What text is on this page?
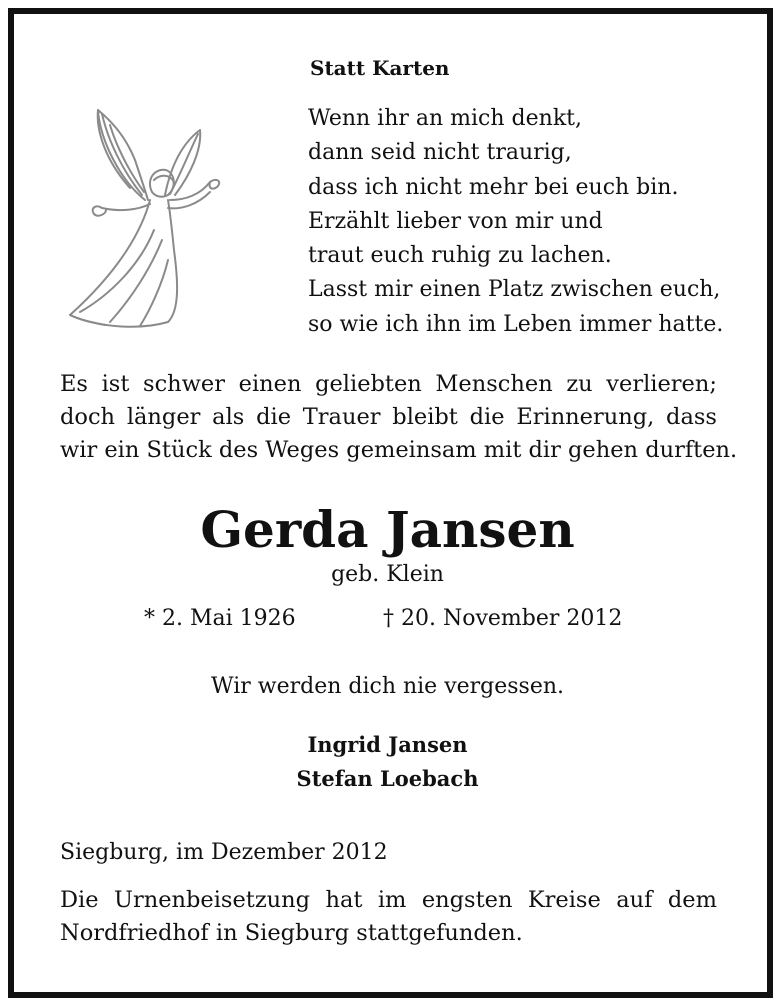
Statt Karten
Wenn ihr an mich denkt,
dann seid nicht traurig,
dass ich nicht mehr bei euch bin.
Erzählt lieber von mir und
traut euch ruhig zu lachen.
Lasst mir einen Platz zwischen euch,
so wie ich ihn im Leben immer hatte.
Es ist schwer einen geliebten Menschen zu verlieren;
doch länger als die Trauer bleibt die Erinnerung, dass
wir ein Stück des Weges gemeinsam mit dir gehen durften.
Gerda Jansen
geb. Klein
* 2. Mai 1926	† 20. November 2012
Wir werden dich nie vergessen.
Ingrid Jansen
Stefan Loebach
Siegburg, im Dezember 2012
Die Urnenbeisetzung hat im engsten Kreise auf dem
Nordfriedhof in Siegburg stattgefunden.
